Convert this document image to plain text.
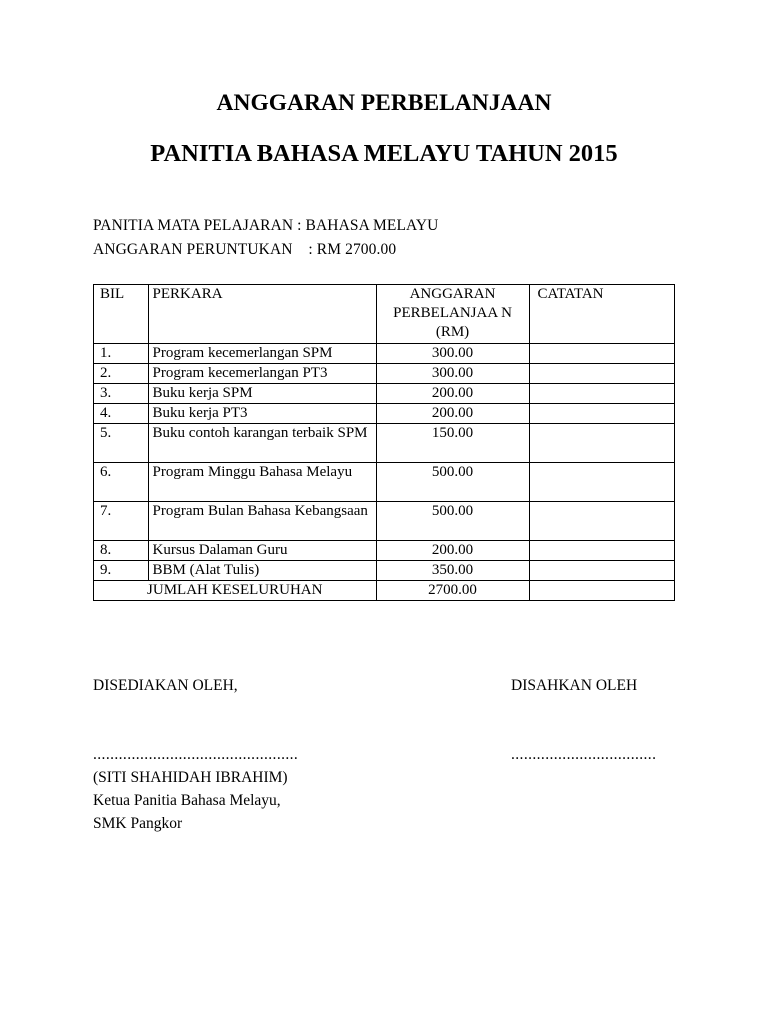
ANGGARAN PERBELANJAAN
PANITIA BAHASA MELAYU TAHUN 2015
PANITIA MATA PELAJARAN : BAHASA MELAYU
ANGGARAN PERUNTUKAN    : RM 2700.00
BIL	PERKARA	ANGGARAN PERBELANJAA N (RM)	CATATAN
1.	Program kecemerlangan SPM	300.00	
2.	Program kecemerlangan PT3	300.00	
3.	Buku kerja SPM	200.00	
4.	Buku kerja PT3	200.00	
5.	Buku contoh karangan terbaik SPM	150.00	
6.	Program Minggu Bahasa Melayu	500.00	
7.	Program Bulan Bahasa Kebangsaan	500.00	
8.	Kursus Dalaman Guru	200.00	
9.	BBM (Alat Tulis)	350.00	
JUMLAH KESELURUHAN		2700.00	
DISEDIAKAN OLEH,	DISAHKAN OLEH
................................................	..................................
(SITI SHAHIDAH IBRAHIM)
Ketua Panitia Bahasa Melayu,
SMK Pangkor
